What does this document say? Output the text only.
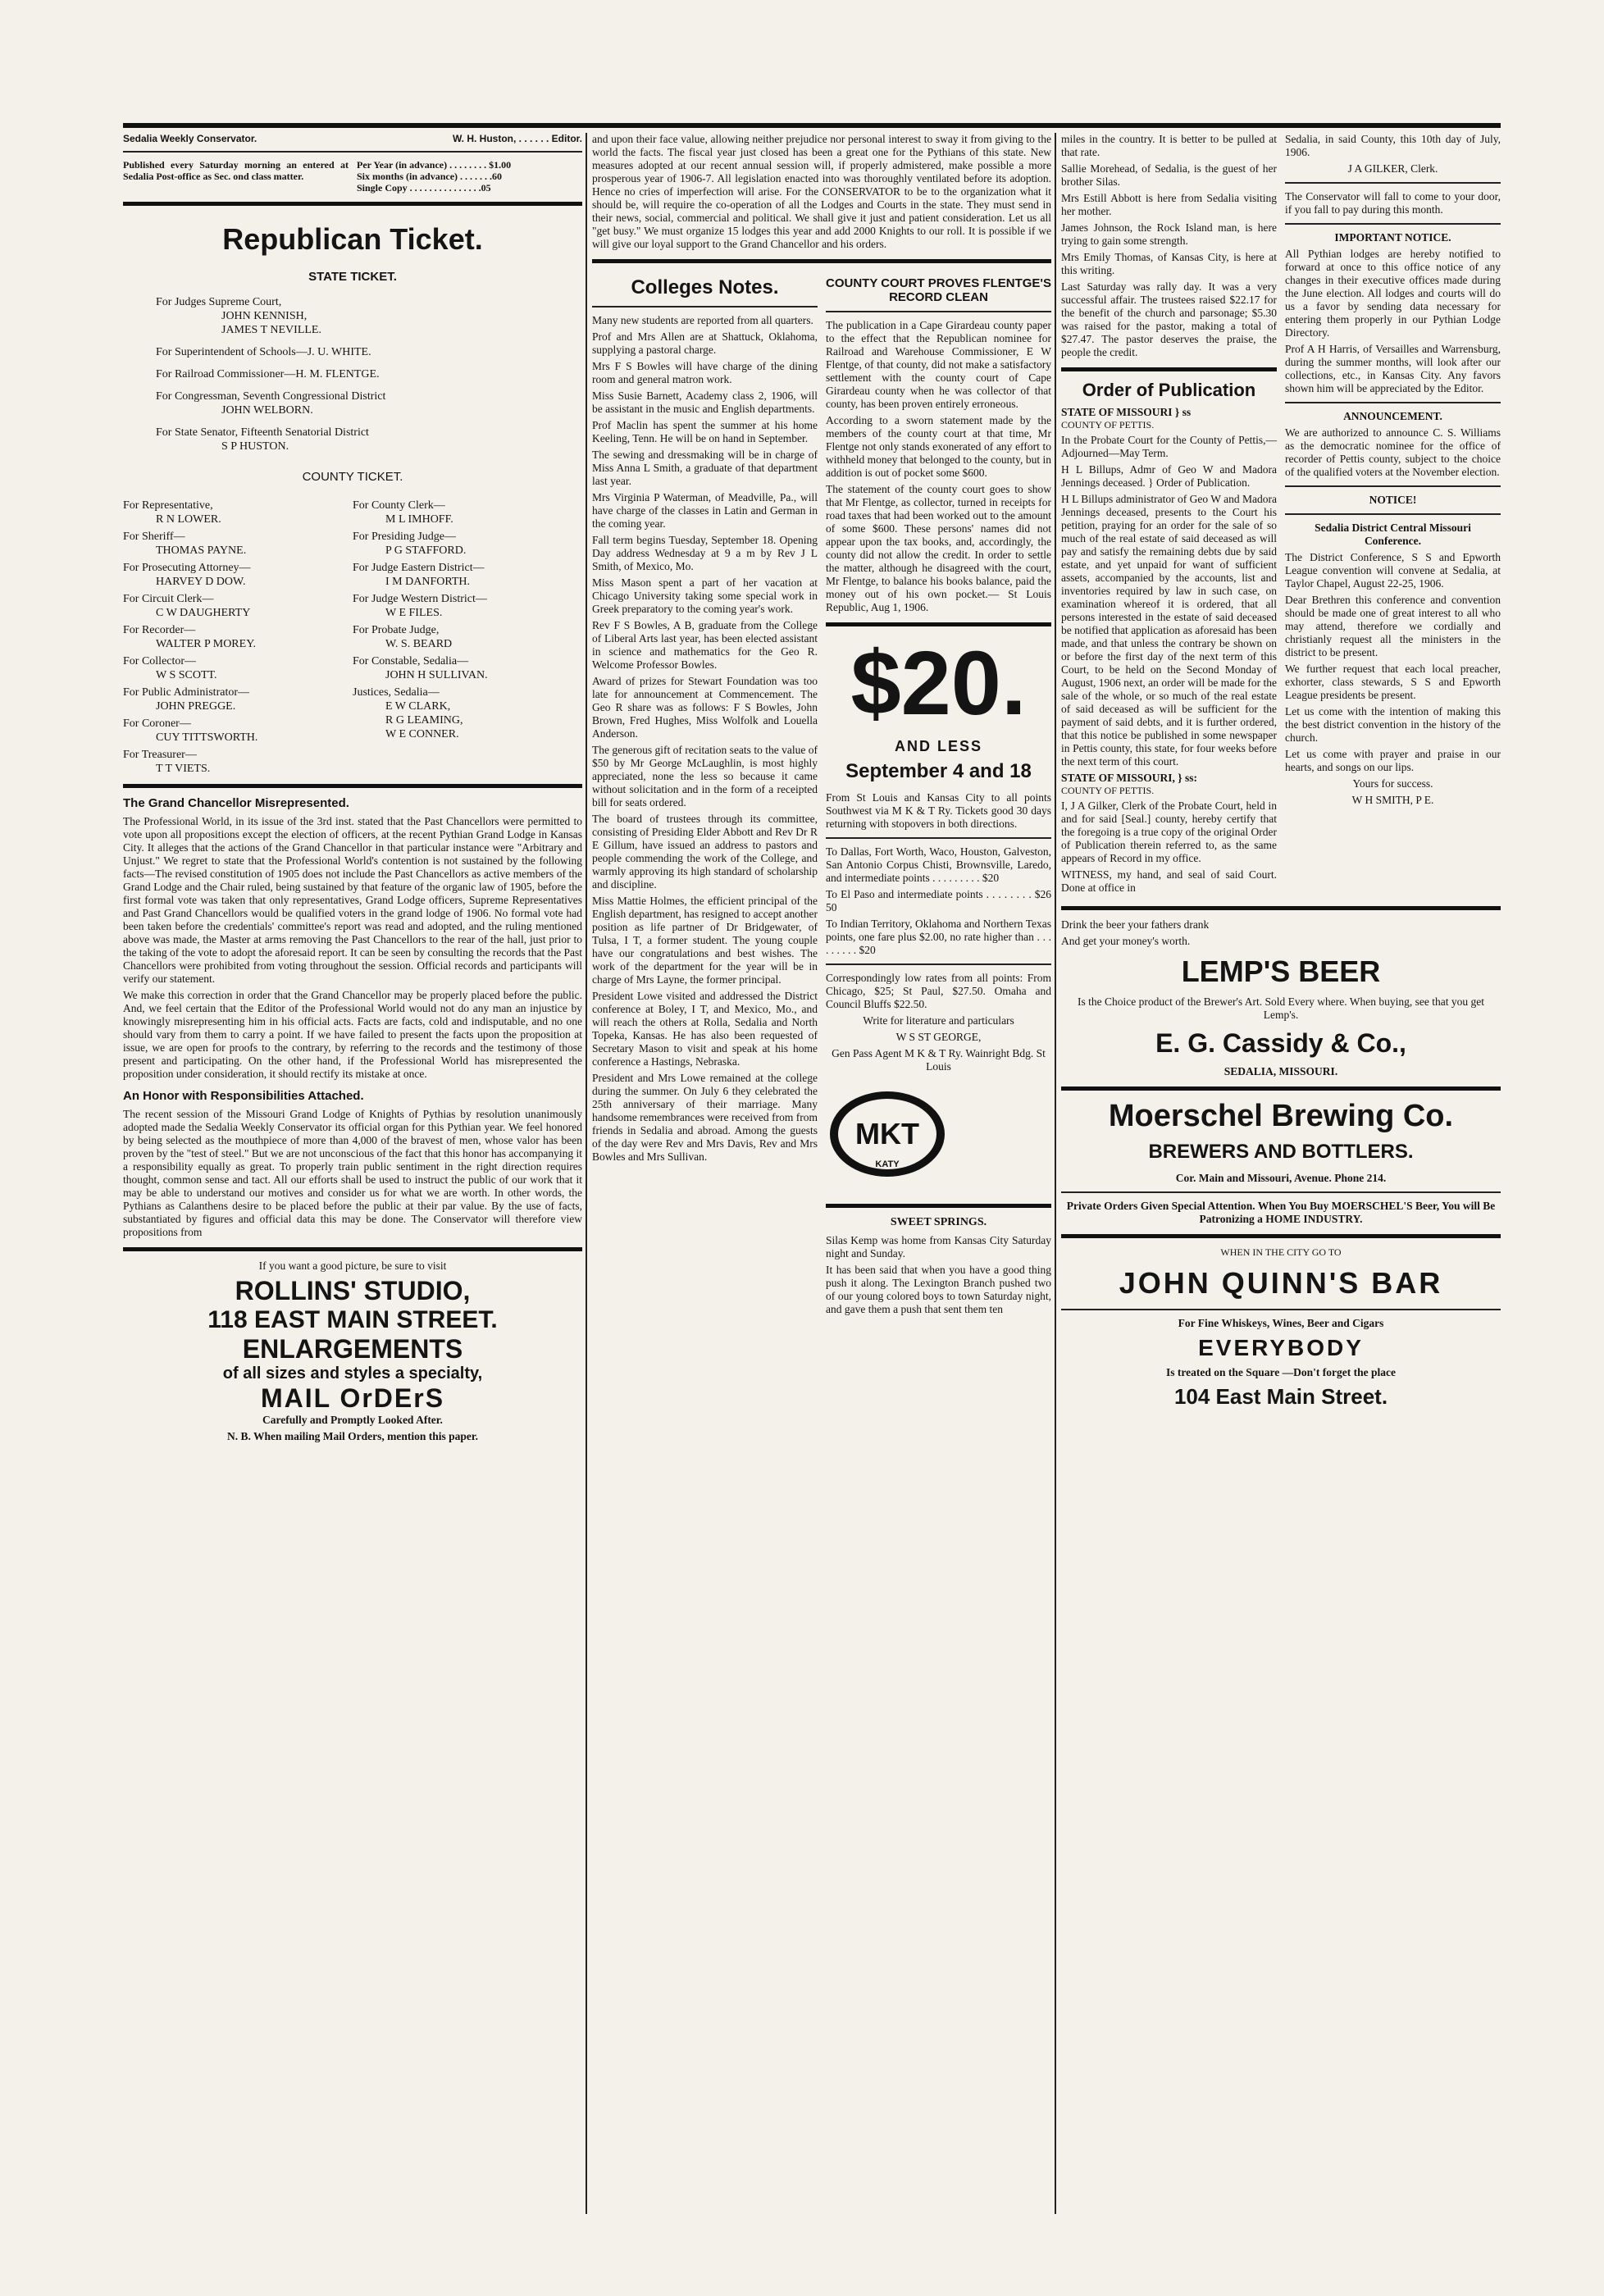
Sedalia Weekly Conservator.	W. H. Huston, . . . . . . Editor.

Published every Saturday morning an entered at Sedalia Post-office as Sec. ond class matter.

Per Year (in advance) . . . . . . . . $1.00

Six months (in advance) . . . . . . .60

Single Copy . . . . . . . . . . . . . . .05

Republican Ticket.
STATE TICKET.
For Judges Supreme Court,
JOHN KENNISH,
JAMES T NEVILLE.
For Superintendent of Schools—J. U. WHITE.
For Railroad Commissioner—H. M. FLENTGE.
For Congressman, Seventh Congressional District
JOHN WELBORN.
For State Senator, Fifteenth Senatorial District
S P HUSTON.
COUNTY TICKET.
For Representative,
R N LOWER.
For Sheriff—
THOMAS PAYNE.
For Prosecuting Attorney—
HARVEY D DOW.
For Circuit Clerk—
C W DAUGHERTY
For Recorder—
WALTER P MOREY.
For Collector—
W S SCOTT.
For Public Administrator—
JOHN PREGGE.
For Coroner—
CUY TITTSWORTH.
For Treasurer—
T T VIETS.
For County Clerk—
M L IMHOFF.
For Presiding Judge—
P G STAFFORD.
For Judge Eastern District—
I M DANFORTH.
For Judge Western District—
W E FILES.
For Probate Judge,
W. S. BEARD
For Constable, Sedalia—
JOHN H SULLIVAN.
Justices, Sedalia—
E W CLARK,
R G LEAMING,
W E CONNER.
The Grand Chancellor Misrepresented.

The Professional World, in its issue of the 3rd inst. stated that the Past Chancellors were permitted to vote upon all propositions except the election of officers, at the recent Pythian Grand Lodge in Kansas City. It alleges that the actions of the Grand Chancellor in that particular instance were "Arbitrary and Unjust." We regret to state that the Professional World's contention is not sustained by the following facts—The revised constitution of 1905 does not include the Past Chancellors as active members of the Grand Lodge and the Chair ruled, being sustained by that feature of the organic law of 1905, before the first formal vote was taken that only representatives, Grand Lodge officers, Supreme Representatives and Past Grand Chancellors would be qualified voters in the grand lodge of 1906. No formal vote had been taken before the credentials' committee's report was read and adopted, and the ruling mentioned above was made, the Master at arms removing the Past Chancellors to the rear of the hall, just prior to the taking of the vote to adopt the aforesaid report. It can be seen by consulting the records that the Past Chancellors were prohibited from voting throughout the session. Official records and participants will verify our statement.

We make this correction in order that the Grand Chancellor may be properly placed before the public. And, we feel certain that the Editor of the Professional World would not do any man an injustice by knowingly misrepresenting him in his official acts. Facts are facts, cold and indisputable, and no one should vary from them to carry a point. If we have failed to present the facts upon the proposition at issue, we are open for proofs to the contrary, by referring to the records and the testimony of those present and participating. On the other hand, if the Professional World has misrepresented the proposition under consideration, it should rectify its mistake at once.

An Honor with Responsibilities Attached.

The recent session of the Missouri Grand Lodge of Knights of Pythias by resolution unanimously adopted made the Sedalia Weekly Conservator its official organ for this Pythian year. We feel honored by being selected as the mouthpiece of more than 4,000 of the bravest of men, whose valor has been proven by the "test of steel." But we are not unconscious of the fact that this honor has accompanying it a responsibility equally as great. To properly train public sentiment in the right direction requires thought, common sense and tact. All our efforts shall be used to instruct the public of our work that it may be able to understand our motives and consider us for what we are worth. In other words, the Pythians as Calanthens desire to be placed before the public at their par value. By the use of facts, substantiated by figures and official data this may be done. The Conservator will therefore view propositions from

If you want a good picture, be sure to visit

ROLLINS' STUDIO,
118 EAST MAIN STREET.
ENLARGEMENTS
of all sizes and styles a specialty,
MAIL OrDErS

Carefully and Promptly Looked After.

N. B. When mailing Mail Orders, mention this paper.

and upon their face value, allowing neither prejudice nor personal interest to sway it from giving to the world the facts. The fiscal year just closed has been a great one for the Pythians of this state. New measures adopted at our recent annual session will, if properly admistered, make possible a more prosperous year of 1906-7. All legislation enacted into was thoroughly ventilated before its adoption. Hence no cries of imperfection will arise. For the CONSERVATOR to be to the organization what it should be, will require the co-operation of all the Lodges and Courts in the state. They must send in their news, social, commercial and political. We shall give it just and patient consideration. Let us all "get busy." We must organize 15 lodges this year and add 2000 Knights to our roll. It is possible if we will give our loyal support to the Grand Chancellor and his orders.

Colleges Notes.

Many new students are reported from all quarters.

Prof and Mrs Allen are at Shattuck, Oklahoma, supplying a pastoral charge.

Mrs F S Bowles will have charge of the dining room and general matron work.

Miss Susie Barnett, Academy class 2, 1906, will be assistant in the music and English departments.

Prof Maclin has spent the summer at his home Keeling, Tenn. He will be on hand in September.

The sewing and dressmaking will be in charge of Miss Anna L Smith, a graduate of that department last year.

Mrs Virginia P Waterman, of Meadville, Pa., will have charge of the classes in Latin and German in the coming year.

Fall term begins Tuesday, September 18. Opening Day address Wednesday at 9 a m by Rev J L Smith, of Mexico, Mo.

Miss Mason spent a part of her vacation at Chicago University taking some special work in Greek preparatory to the coming year's work.

Rev F S Bowles, A B, graduate from the College of Liberal Arts last year, has been elected assistant in science and mathematics for the Geo R. Welcome Professor Bowles.

Award of prizes for Stewart Foundation was too late for announcement at Commencement. The Geo R share was as follows: F S Bowles, John Brown, Fred Hughes, Miss Wolfolk and Louella Anderson.

The generous gift of recitation seats to the value of $50 by Mr George McLaughlin, is most highly appreciated, none the less so because it came without solicitation and in the form of a receipted bill for seats ordered.

The board of trustees through its committee, consisting of Presiding Elder Abbott and Rev Dr R E Gillum, have issued an address to pastors and people commending the work of the College, and warmly approving its high standard of scholarship and discipline.

Miss Mattie Holmes, the efficient principal of the English department, has resigned to accept another position as life partner of Dr Bridgewater, of Tulsa, I T, a former student. The young couple have our congratulations and best wishes. The work of the department for the year will be in charge of Mrs Layne, the former principal.

President Lowe visited and addressed the District conference at Boley, I T, and Mexico, Mo., and will reach the others at Rolla, Sedalia and North Topeka, Kansas. He has also been requested of Secretary Mason to visit and speak at his home conference a Hastings, Nebraska.

President and Mrs Lowe remained at the college during the summer. On July 6 they celebrated the 25th anniversary of their marriage. Many handsome remembrances were received from from friends in Sedalia and abroad. Among the guests of the day were Rev and Mrs Davis, Rev and Mrs Bowles and Mrs Sullivan.

COUNTY COURT PROVES FLENTGE'S RECORD CLEAN

The publication in a Cape Girardeau county paper to the effect that the Republican nominee for Railroad and Warehouse Commissioner, E W Flentge, of that county, did not make a satisfactory settlement with the county court of Cape Girardeau county when he was collector of that county, has been proven entirely erroneous.

According to a sworn statement made by the members of the county court at that time, Mr Flentge not only stands exonerated of any effort to withheld money that belonged to the county, but in addition is out of pocket some $600.

The statement of the county court goes to show that Mr Flentge, as collector, turned in receipts for road taxes that had been worked out to the amount of some $600. These persons' names did not appear upon the tax books, and, accordingly, the county did not allow the credit. In order to settle the matter, although he disagreed with the court, Mr Flentge, to balance his books balance, paid the money out of his own pocket.— St Louis Republic, Aug 1, 1906.

$20.
AND LESS
September 4 and 18

From St Louis and Kansas City to all points Southwest via M K & T Ry. Tickets good 30 days returning with stopovers in both directions.

To Dallas, Fort Worth, Waco, Houston, Galveston, San Antonio Corpus Chisti, Brownsville, Laredo, and intermediate points . . . . . . . . . $20

To El Paso and intermediate points . . . . . . . . $26 50

To Indian Territory, Oklahoma and Northern Texas points, one fare plus $2.00, no rate higher than . . . . . . . . . $20

Correspondingly low rates from all points: From Chicago, $25; St Paul, $27.50. Omaha and Council Bluffs $22.50.

Write for literature and particulars

W S ST GEORGE,

Gen Pass Agent M K & T Ry. Wainright Bdg. St Louis

MKT
KATY
SWEET SPRINGS.

Silas Kemp was home from Kansas City Saturday night and Sunday.

It has been said that when you have a good thing push it along. The Lexington Branch pushed two of our young colored boys to town Saturday night, and gave them a push that sent them ten

miles in the country. It is better to be pulled at that rate.

Sallie Morehead, of Sedalia, is the guest of her brother Silas.

Mrs Estill Abbott is here from Sedalia visiting her mother.

James Johnson, the Rock Island man, is here trying to gain some strength.

Mrs Emily Thomas, of Kansas City, is here at this writing.

Last Saturday was rally day. It was a very successful affair. The trustees raised $22.17 for the benefit of the church and parsonage; $5.30 was raised for the pastor, making a total of $27.47. The pastor deserves the praise, the people the credit.

Order of Publication

STATE OF MISSOURI } ss

COUNTY OF PETTIS.

In the Probate Court for the County of Pettis,—Adjourned—May Term.

H L Billups, Admr of Geo W and Madora Jennings deceased. } Order of Publication.

H L Billups administrator of Geo W and Madora Jennings deceased, presents to the Court his petition, praying for an order for the sale of so much of the real estate of said deceased as will pay and satisfy the remaining debts due by said estate, and yet unpaid for want of sufficient assets, accompanied by the accounts, list and inventories required by law in such case, on examination whereof it is ordered, that all persons interested in the estate of said deceased be notified that application as aforesaid has been made, and that unless the contrary be shown on or before the first day of the next term of this Court, to be held on the Second Monday of August, 1906 next, an order will be made for the sale of the whole, or so much of the real estate of said deceased as will be sufficient for the payment of said debts, and it is further ordered, that this notice be published in some newspaper in Pettis county, this state, for four weeks before the next term of this court.

STATE OF MISSOURI, } ss:

COUNTY OF PETTIS.

I, J A Gilker, Clerk of the Probate Court, held in and for said [Seal.] county, hereby certify that the foregoing is a true copy of the original Order of Publication therein referred to, as the same appears of Record in my office.

WITNESS, my hand, and seal of said Court. Done at office in

Sedalia, in said County, this 10th day of July, 1906.

J A GILKER, Clerk.

The Conservator will fall to come to your door, if you fall to pay during this month.

IMPORTANT NOTICE.

All Pythian lodges are hereby notified to forward at once to this office notice of any changes in their executive offices made during the June election. All lodges and courts will do us a favor by sending data necessary for entering them properly in our Pythian Lodge Directory.

Prof A H Harris, of Versailles and Warrensburg, during the summer months, will look after our collections, etc., in Kansas City. Any favors shown him will be appreciated by the Editor.

ANNOUNCEMENT.

We are authorized to announce C. S. Williams as the democratic nominee for the office of recorder of Pettis county, subject to the choice of the qualified voters at the November election.

NOTICE!

Sedalia District Central Missouri Conference.

The District Conference, S S and Epworth League convention will convene at Sedalia, at Taylor Chapel, August 22-25, 1906.

Dear Brethren this conference and convention should be made one of great interest to all who may attend, therefore we cordially and christianly request all the ministers in the district to be present.

We further request that each local preacher, exhorter, class stewards, S S and Epworth League presidents be present.

Let us come with the intention of making this the best district convention in the history of the church.

Let us come with prayer and praise in our hearts, and songs on our lips.

Yours for success.

W H SMITH, P E.

Drink the beer your fathers drank

And get your money's worth.

LEMP'S BEER

Is the Choice product of the Brewer's Art. Sold Every where. When buying, see that you get Lemp's.

E. G. Cassidy & Co.,

SEDALIA, MISSOURI.

Moerschel Brewing Co.
BREWERS AND BOTTLERS.

Cor. Main and Missouri, Avenue. Phone 214.

Private Orders Given Special Attention. When You Buy MOERSCHEL'S Beer, You will Be Patronizing a HOME INDUSTRY.

WHEN IN THE CITY GO TO

JOHN QUINN'S BAR

For Fine Whiskeys, Wines, Beer and Cigars

EVERYBODY

Is treated on the Square —Don't forget the place

104 East Main Street.
